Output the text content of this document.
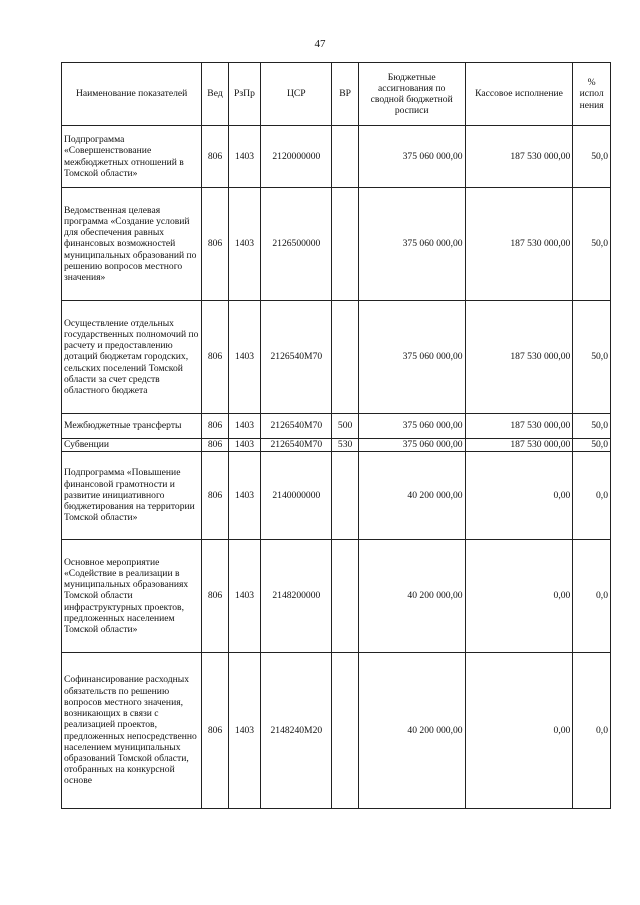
47
Наименование показателей	Вед	РзПр	ЦСР	ВР	Бюджетные ассигнования по сводной бюджетной росписи	Кассовое исполнение	% испол нения
Подпрограмма «Совершенствование межбюджетных отношений в Томской области»	806	1403	2120000000		375 060 000,00	187 530 000,00	50,0
Ведомственная целевая программа «Создание условий для обеспечения равных финансовых возможностей муниципальных образований по решению вопросов местного значения»	806	1403	2126500000		375 060 000,00	187 530 000,00	50,0
Осуществление отдельных государственных полномочий по расчету и предоставлению дотаций бюджетам городских, сельских поселений Томской области за счет средств областного бюджета	806	1403	2126540M70		375 060 000,00	187 530 000,00	50,0
Межбюджетные трансферты	806	1403	2126540M70	500	375 060 000,00	187 530 000,00	50,0
Субвенции	806	1403	2126540M70	530	375 060 000,00	187 530 000,00	50,0
Подпрограмма «Повышение финансовой грамотности и развитие инициативного бюджетирования на территории Томской области»	806	1403	2140000000		40 200 000,00	0,00	0,0
Основное мероприятие «Содействие в реализации в муниципальных образованиях Томской области инфраструктурных проектов, предложенных населением Томской области»	806	1403	2148200000		40 200 000,00	0,00	0,0
Софинансирование расходных обязательств по решению вопросов местного значения, возникающих в связи с реализацией проектов, предложенных непосредственно населением муниципальных образований Томской области, отобранных на конкурсной основе	806	1403	2148240M20		40 200 000,00	0,00	0,0
